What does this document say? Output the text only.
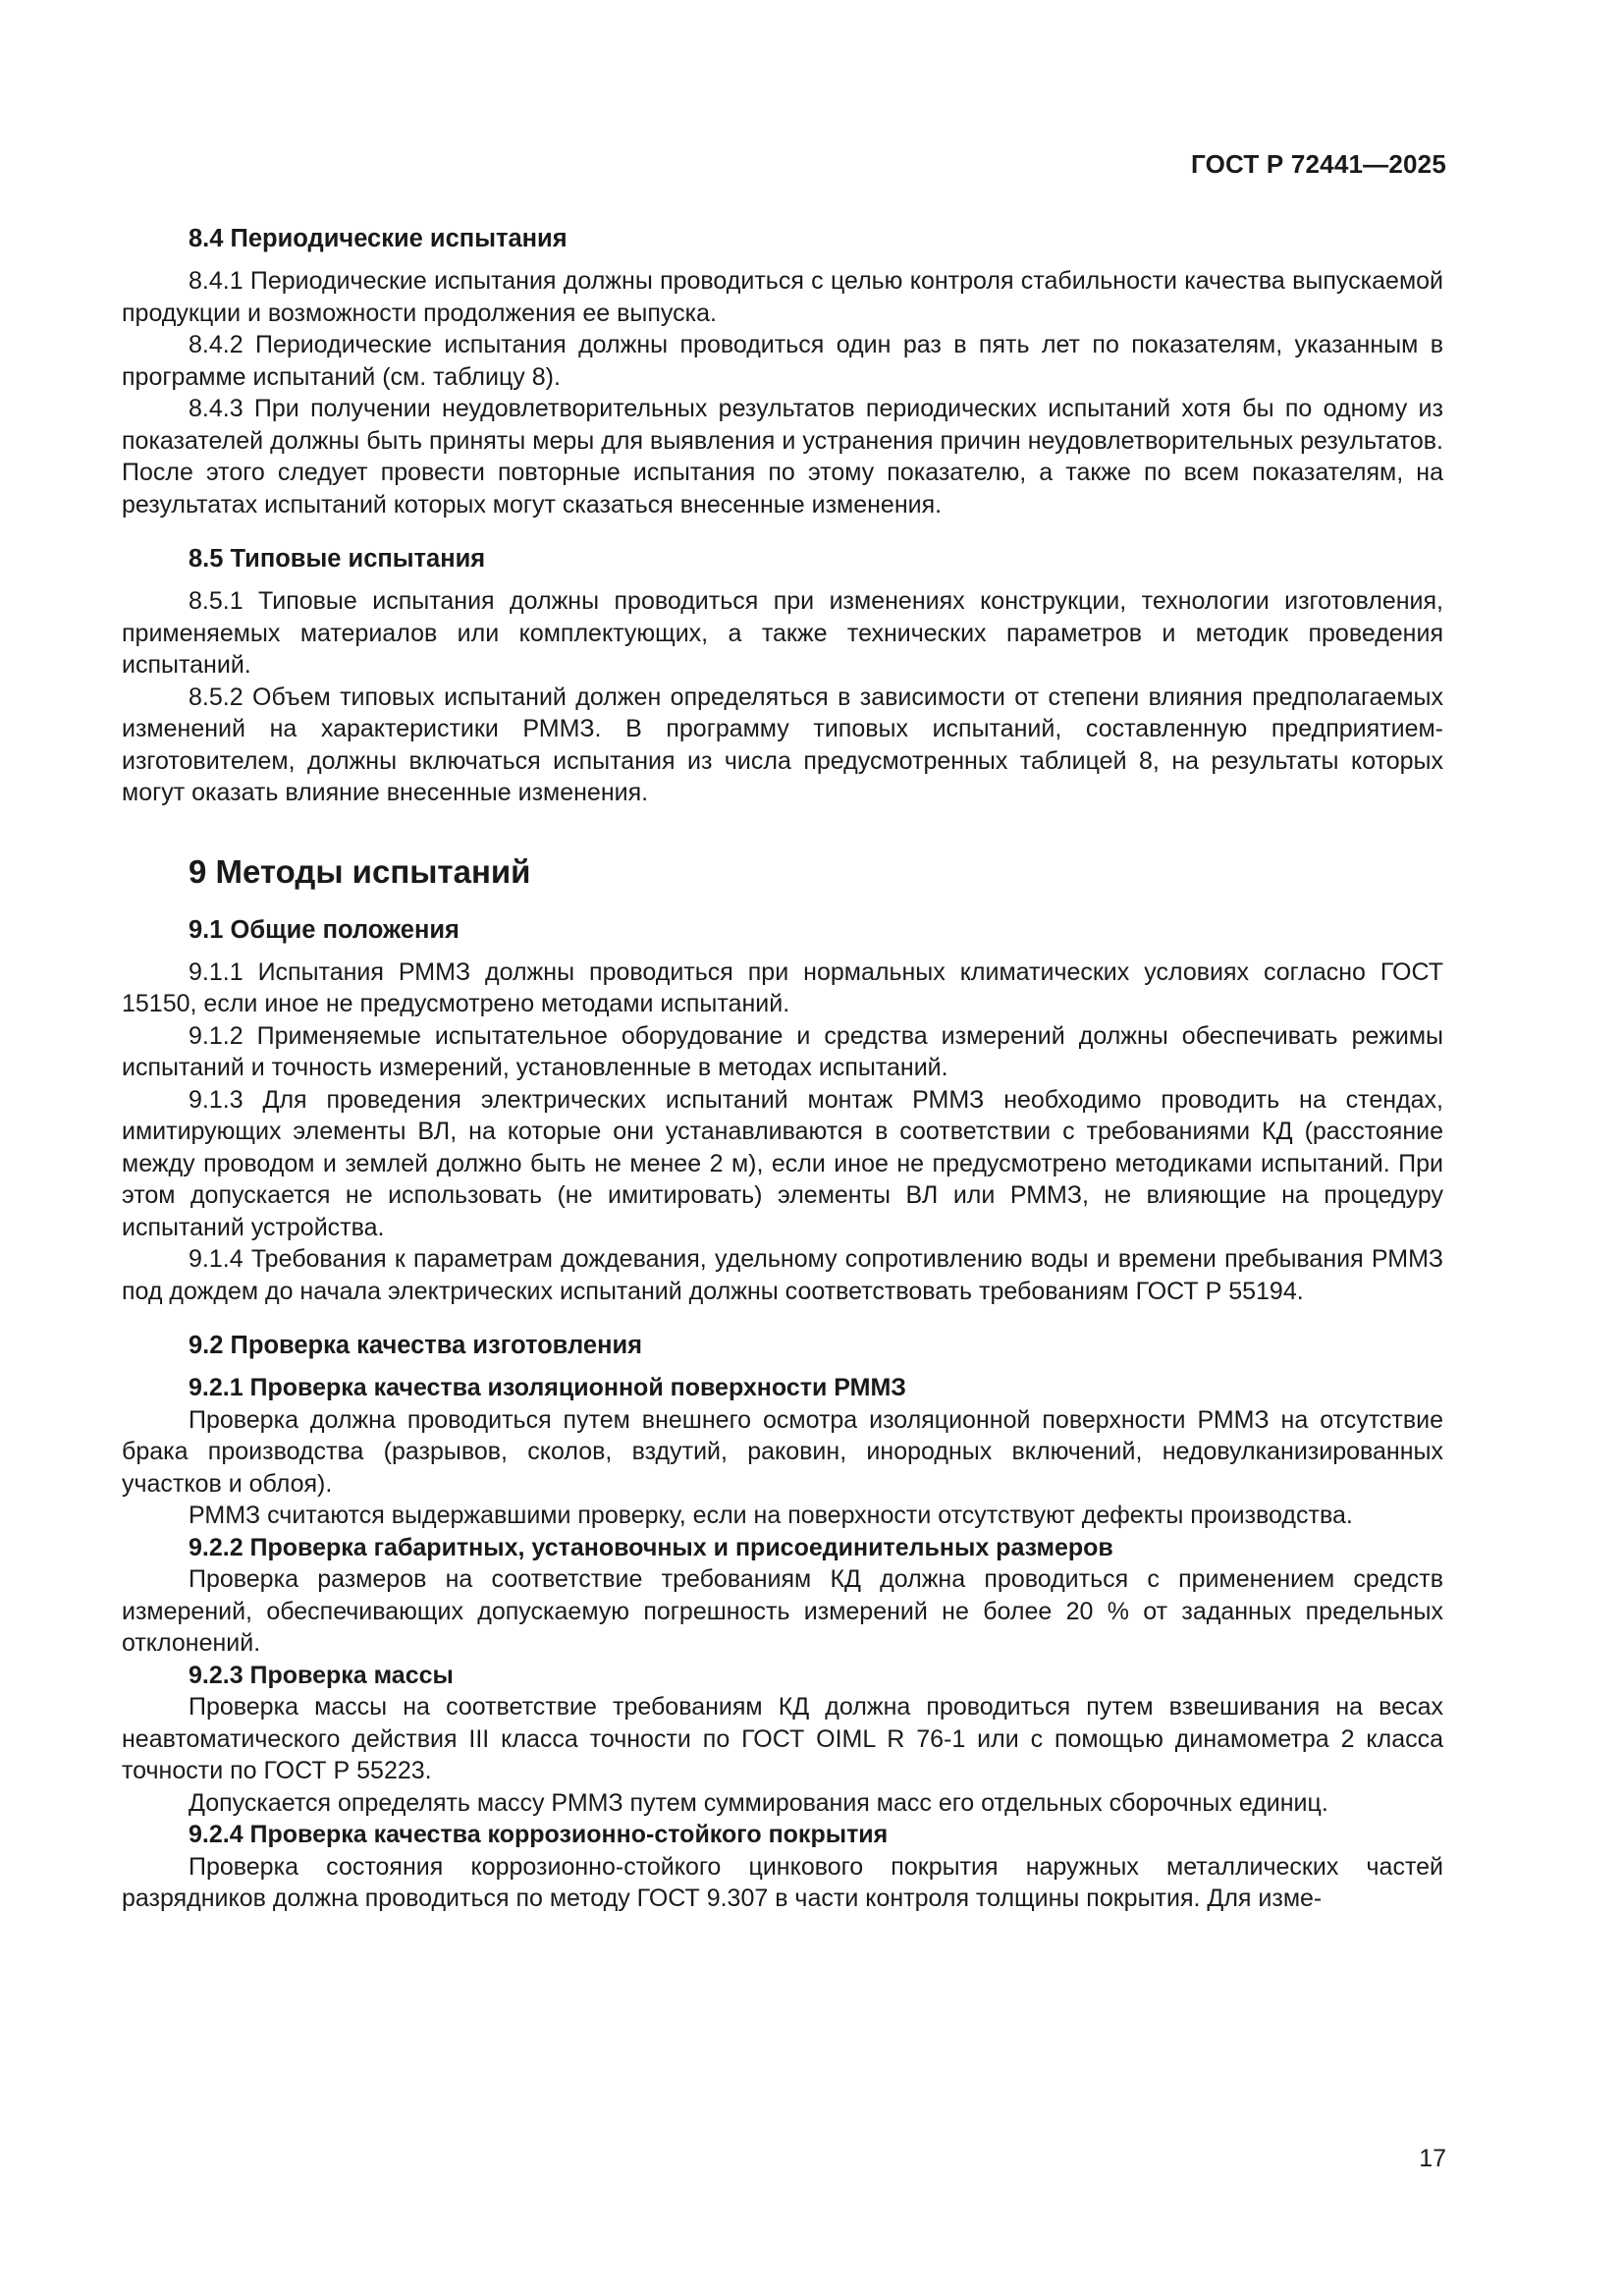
ГОСТ Р 72441—2025
8.4 Периодические испытания

8.4.1 Периодические испытания должны проводиться с целью контроля стабильности качества выпускаемой продукции и возможности продолжения ее выпуска.

8.4.2 Периодические испытания должны проводиться один раз в пять лет по показателям, указанным в программе испытаний (см. таблицу 8).

8.4.3 При получении неудовлетворительных результатов периодических испытаний хотя бы по одному из показателей должны быть приняты меры для выявления и устранения причин неудовлетворительных результатов. После этого следует провести повторные испытания по этому показателю, а также по всем показателям, на результатах испытаний которых могут сказаться внесенные изменения.

8.5 Типовые испытания

8.5.1 Типовые испытания должны проводиться при изменениях конструкции, технологии изготовления, применяемых материалов или комплектующих, а также технических параметров и методик проведения испытаний.

8.5.2 Объем типовых испытаний должен определяться в зависимости от степени влияния предполагаемых изменений на характеристики РММЗ. В программу типовых испытаний, составленную предприятием-изготовителем, должны включаться испытания из числа предусмотренных таблицей 8, на результаты которых могут оказать влияние внесенные изменения.

9 Методы испытаний
9.1 Общие положения

9.1.1 Испытания РММЗ должны проводиться при нормальных климатических условиях согласно ГОСТ 15150, если иное не предусмотрено методами испытаний.

9.1.2 Применяемые испытательное оборудование и средства измерений должны обеспечивать режимы испытаний и точность измерений, установленные в методах испытаний.

9.1.3 Для проведения электрических испытаний монтаж РММЗ необходимо проводить на стендах, имитирующих элементы ВЛ, на которые они устанавливаются в соответствии с требованиями КД (расстояние между проводом и землей должно быть не менее 2 м), если иное не предусмотрено методиками испытаний. При этом допускается не использовать (не имитировать) элементы ВЛ или РММЗ, не влияющие на процедуру испытаний устройства.

9.1.4 Требования к параметрам дождевания, удельному сопротивлению воды и времени пребывания РММЗ под дождем до начала электрических испытаний должны соответствовать требованиям ГОСТ Р 55194.

9.2 Проверка качества изготовления
9.2.1 Проверка качества изоляционной поверхности РММЗ

Проверка должна проводиться путем внешнего осмотра изоляционной поверхности РММЗ на отсутствие брака производства (разрывов, сколов, вздутий, раковин, инородных включений, недовулканизированных участков и облоя).

РММЗ считаются выдержавшими проверку, если на поверхности отсутствуют дефекты производства.

9.2.2 Проверка габаритных, установочных и присоединительных размеров

Проверка размеров на соответствие требованиям КД должна проводиться с применением средств измерений, обеспечивающих допускаемую погрешность измерений не более 20 % от заданных предельных отклонений.

9.2.3 Проверка массы

Проверка массы на соответствие требованиям КД должна проводиться путем взвешивания на весах неавтоматического действия III класса точности по ГОСТ OIML R 76-1 или с помощью динамометра 2 класса точности по ГОСТ Р 55223.

Допускается определять массу РММЗ путем суммирования масс его отдельных сборочных единиц.

9.2.4 Проверка качества коррозионно-стойкого покрытия

Проверка состояния коррозионно-стойкого цинкового покрытия наружных металлических частей разрядников должна проводиться по методу ГОСТ 9.307 в части контроля толщины покрытия. Для изме-

17
